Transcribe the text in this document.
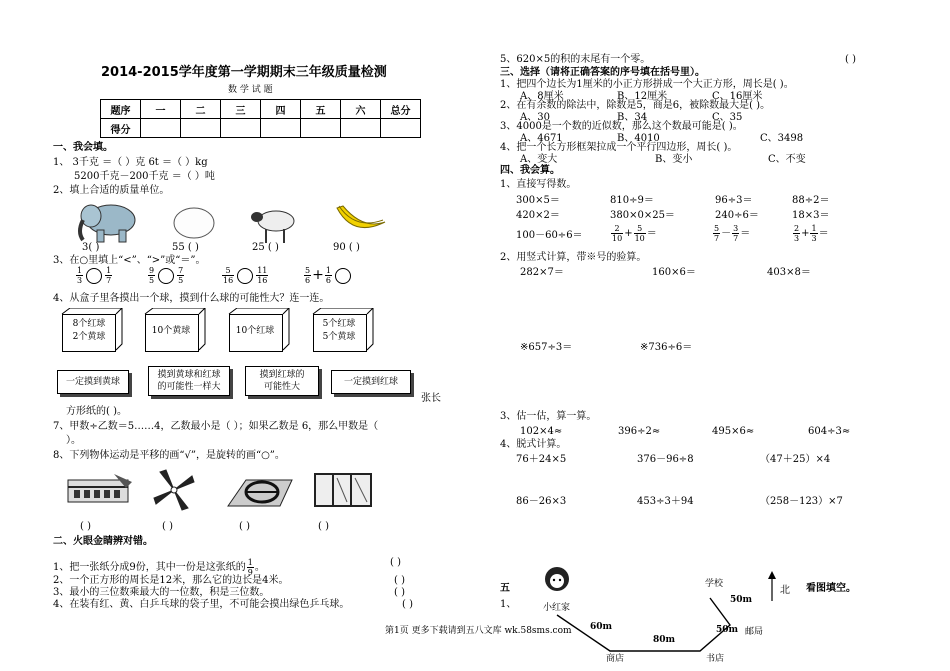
2014-2015学年度第一学期期末三年级质量检测
数 学 试 题
题序	一	二	三	四	五	六	总分
得分							
一、我会填。
1、 3千克 ＝（ ）克 6t ＝（ ）kg
5200千克－200千克 ＝（ ）吨
2、填上合适的质量单位。
3( )	55 ( )	25 ( )	90 ( )
3、在○里填上“<”、“>”或“＝”。
$\frac{1}{3}$	$\frac{1}{7}$	$\frac{9}{5}$	$\frac{7}{5}$	$\frac{5}{16}$	$\frac{11}{16}$	$\frac{5}{6} + \frac{1}{6}$
4、从盒子里各摸出一个球，摸到什么球的可能性大？连一连。
8个红球
2个黄球
10个黄球	10个红球
5个红球
5个黄球
一定摸到黄球
摸到黄球和红球
的可能性一样大
摸到红球的
可能性大	一定摸到红球
张长
方形纸的( )。
7、甲数÷乙数＝5……4，乙数最小是（ ）；如果乙数是 6，那么甲数是（
）。
8、下列物体运动是平移的画“√”，是旋转的画“○”。
( )	( )	( )	( )
二、火眼金睛辨对错。
1、把一张纸分成9份，其中一份是这张纸的 $\frac{1}{9}$ 。	( )
2、一个正方形的周长是12米，那么它的边长是4米。	( )
3、最小的三位数乘最大的一位数，积是三位数。	( )
4、在装有红、黄、白乒乓球的袋子里，不可能会摸出绿色乒乓球。	( )
第1页 更多下载请到五八文库 wk.58sms.com
5、620×5的积的末尾有一个零。	( )
三、选择（请将正确答案的序号填在括号里）。
1、把四个边长为1厘米的小正方形拼成一个大正方形，周长是( )。
A、8厘米	B、12厘米	C、16厘米
2、在有余数的除法中，除数是5，商是6，被除数最大是( )。
A、30	B、34	C、35
3、4000是一个数的近似数，那么这个数最可能是( )。
A、4671	B、4010	C、3498
4、把一个长方形框架拉成一个平行四边形，周长( )。
A、变大	B、变小	C、不变
四、我会算。
1、直接写得数。
300×5＝	810÷9＝	96÷3＝	88÷2＝
420×2＝	380×0×25＝	240÷6＝	18×3＝
100－60÷6＝	$\frac{2}{10} + \frac{5}{10}$ ＝	$\frac{5}{7} - \frac{3}{7}$ ＝	$\frac{2}{3} + \frac{1}{3}$ ＝
2、用竖式计算，带※号的验算。
282×7＝	160×6＝	403×8＝
※657÷3＝	※736÷6＝
3、估一估，算一算。
102×4≈	396÷2≈	495×6≈	604÷3≈
4、脱式计算。
76＋24×5	376－96÷8	（47＋25）×4
86－26×3	453÷3＋94	（258－123）×7
五
1、
看图填空。
北
学校
小红家
邮局
商店	书店
50m
60m
80m
50m
